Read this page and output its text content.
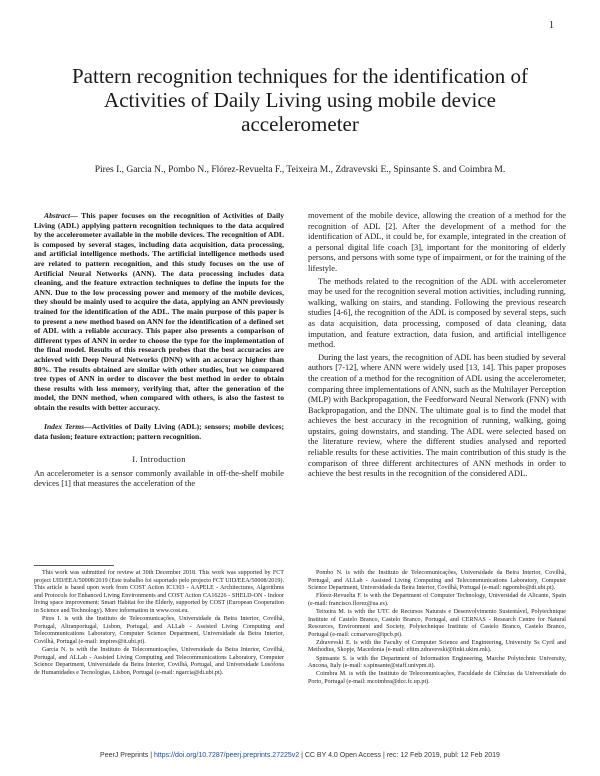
1
Pattern recognition techniques for the identification of Activities of Daily Living using mobile device accelerometer
Pires I., Garcia N., Pombo N., Flórez-Revuelta F., Teixeira M., Zdravevski E., Spinsante S. and Coimbra M.

Abstract— This paper focuses on the recognition of Activities of Daily Living (ADL) applying pattern recognition techniques to the data acquired by the accelerometer available in the mobile devices. The recognition of ADL is composed by several stages, including data acquisition, data processing, and artificial intelligence methods. The artificial intelligence methods used are related to pattern recognition, and this study focuses on the use of Artificial Neural Networks (ANN). The data processing includes data cleaning, and the feature extraction techniques to define the inputs for the ANN. Due to the low processing power and memory of the mobile devices, they should be mainly used to acquire the data, applying an ANN previously trained for the identification of the ADL. The main purpose of this paper is to present a new method based on ANN for the identification of a defined set of ADL with a reliable accuracy. This paper also presents a comparison of different types of ANN in order to choose the type for the implementation of the final model. Results of this research probes that the best accuracies are achieved with Deep Neural Networks (DNN) with an accuracy higher than 80%. The results obtained are similar with other studies, but we compared tree types of ANN in order to discover the best method in order to obtain these results with less memory, verifying that, after the generation of the model, the DNN method, when compared with others, is also the fastest to obtain the results with better accuracy.

Index Terms—Activities of Daily Living (ADL); sensors; mobile devices; data fusion; feature extraction; pattern recognition.

I. Introduction

An accelerometer is a sensor commonly available in off-the-shelf mobile devices [1] that measures the acceleration of the

movement of the mobile device, allowing the creation of a method for the recognition of ADL [2]. After the development of a method for the identification of ADL, it could be, for example, integrated in the creation of a personal digital life coach [3], important for the monitoring of elderly persons, and persons with some type of impairment, or for the training of the lifestyle.

The methods related to the recognition of the ADL with accelerometer may be used for the recognition several motion activities, including running, walking, walking on stairs, and standing. Following the previous research studies [4-6], the recognition of the ADL is composed by several steps, such as data acquisition, data processing, composed of data cleaning, data imputation, and feature extraction, data fusion, and artificial intelligence method.

During the last years, the recognition of ADL has been studied by several authors [7-12], where ANN were widely used [13, 14]. This paper proposes the creation of a method for the recognition of ADL using the accelerometer, comparing three implementations of ANN, such as the Multilayer Perception (MLP) with Backpropagation, the Feedforward Neural Network (FNN) with Backpropagation, and the DNN. The ultimate goal is to find the model that achieves the best accuracy in the recognition of running, walking, going upstairs, going downstairs, and standing. The ADL were selected based on the literature review, where the different studies analysed and reported reliable results for these activities. The main contribution of this study is the comparison of three different architectures of ANN methods in order to achieve the best results in the recognition of the considered ADL.

This work was submitted for review at 30th December 2018. This work was supported by FCT project UID/EEA/50008/2019 (Este trabalho foi suportado pelo projecto FCT UID/EEA/50008/2019). This article is based upon work from COST Action IC1303 - AAPELE - Architectures, Algorithms and Protocols for Enhanced Living Environments and COST Action CA16226 - SHELD-ON - Indoor living space improvement: Smart Habitat for the Elderly, supported by COST (European Cooperation in Science and Technology). More information in www.cost.eu.

Pires I. is with the Instituto de Telecomunicações, Universidade da Beira Interior, Covilhã, Portugal, Altranportugal, Lisbon, Portugal, and ALLab - Assisted Living Computing and Telecommunications Laboratory, Computer Science Department, Universidade da Beira Interior, Covilhã, Portugal (e-mail: impires@it.ubi.pt).

Garcia N. is with the Instituto de Telecomunicações, Universidade da Beira Interior, Covilhã, Portugal, and ALLab - Assisted Living Computing and Telecommunications Laboratory, Computer Science Department, Universidade da Beira Interior, Covilhã, Portugal, and Universidade Lusófona de Humanidades e Tecnologias, Lisbon, Portugal (e-mail: ngarcia@di.ubi.pt).

Pombo N. is with the Instituto de Telecomunicações, Universidade da Beira Interior, Covilhã, Portugal, and ALLab - Assisted Living Computing and Telecommunications Laboratory, Computer Science Department, Universidade da Beira Interior, Covilhã, Portugal (e-mail: ngpombo@di.ubi.pt).

Flórez-Revuelta F. is with the Department of Computer Technology, Universidad de Alicante, Spain (e-mail: francisco.florez@ua.es).

Teixeira M. is with the UTC de Recursos Naturais e Desenvolvimento Sustentável, Polytechnique Institute of Castelo Branco, Castelo Branco, Portugal, and CERNAS - Research Centre for Natural Resources, Environment and Society, Polytechnique Institute of Castelo Branco, Castelo Branco, Portugal (e-mail: ccmarvaro@ipcb.pt).

Zdravevski E. is with the Faculty of Computer Science and Engineering, University Ss Cyril and Methodius, Skopje, Macedonia (e-mail: eftim.zdravevski@finki.ukim.mk).

Spinsante S. is with the Department of Information Engineering, Marche Polytechnic University, Ancona, Italy (e-mail: s.spinsante@staff.univpm.it).

Coimbra M. is with the Instituto de Telecomunicações, Faculdade de Ciências da Universidade do Porto, Portugal (e-mail: mcoimbra@dcc.fc.up.pt).

PeerJ Preprints | https://doi.org/10.7287/peerj.preprints.27225v2 | CC BY 4.0 Open Access | rec: 12 Feb 2019, publ: 12 Feb 2019
